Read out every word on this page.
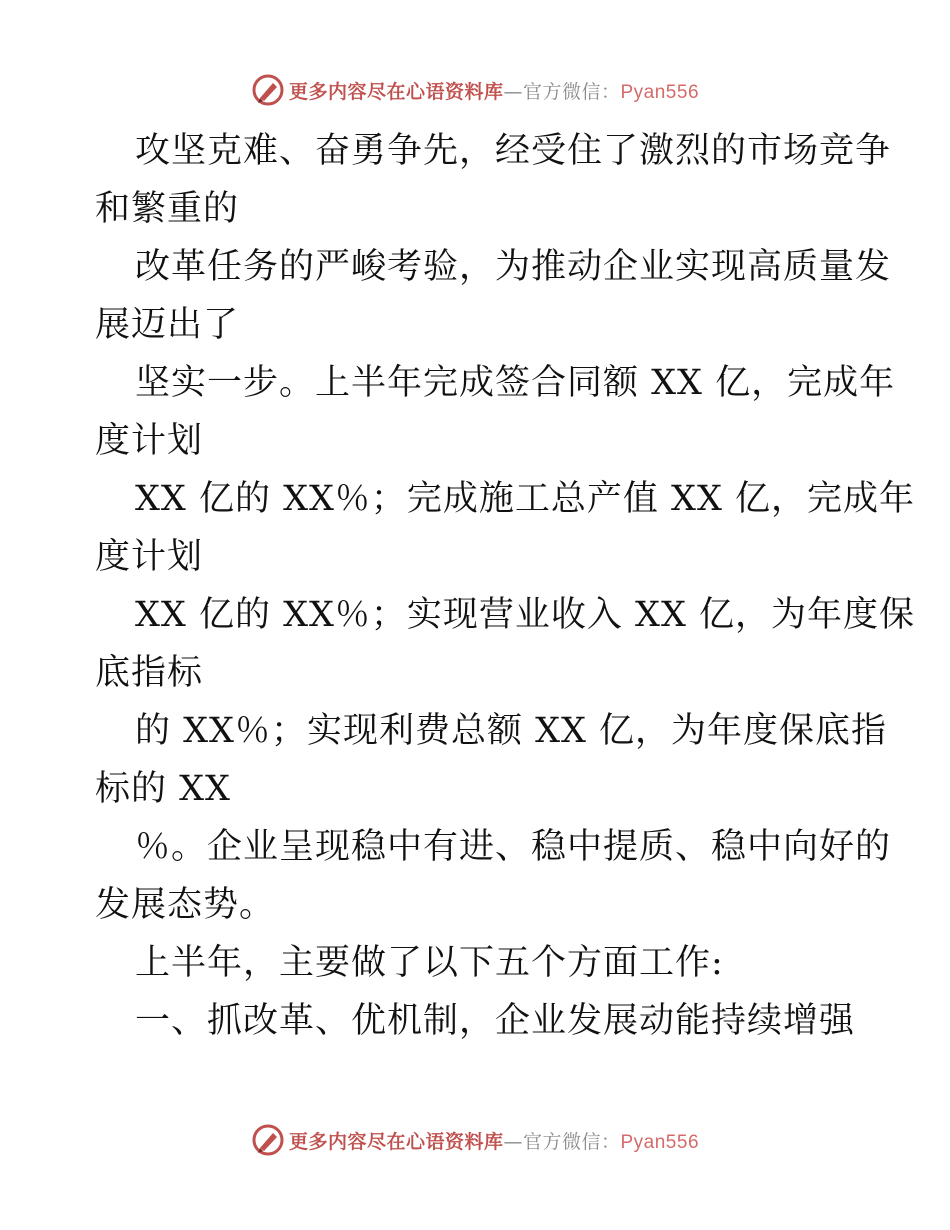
更多内容尽在心语资料库—官方微信：Pyan556
攻坚克难、奋勇争先，经受住了激烈的市场竞争
和繁重的
改革任务的严峻考验，为推动企业实现高质量发
展迈出了
坚实一步。上半年完成签合同额 XX 亿，完成年
度计划
XX 亿的 XX％；完成施工总产值 XX 亿，完成年
度计划
XX 亿的 XX％；实现营业收入 XX 亿，为年度保
底指标
的 XX％；实现利费总额 XX 亿，为年度保底指
标的 XX
％。企业呈现稳中有进、稳中提质、稳中向好的
发展态势。
上半年，主要做了以下五个方面工作:
一、抓改革、优机制，企业发展动能持续增强
更多内容尽在心语资料库—官方微信：Pyan556
